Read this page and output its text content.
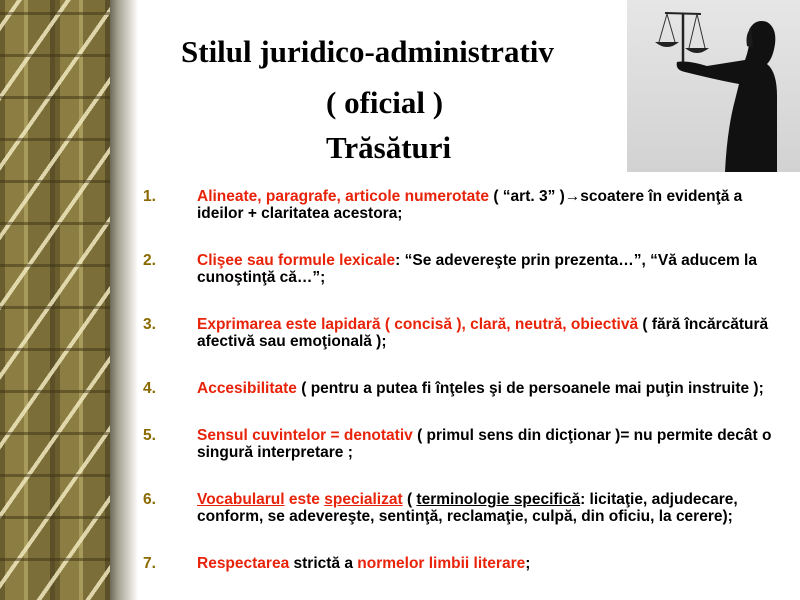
Stilul juridico-administrativ
( oficial )
Trăsături
1.	Alineate, paragrafe, articole numerotate ( “art. 3” )→scoatere în evidenţă a ideilor + claritatea acestora;
2.	Clişee sau formule lexicale: “Se adevereşte prin prezenta…”, “Vă aducem la cunoştinţă că…”;
3.	Exprimarea este lapidară ( concisă ), clară, neutră, obiectivă ( fără încărcătură afectivă sau emoţională );
4.	Accesibilitate ( pentru a putea fi înţeles şi de persoanele mai puţin instruite );
5.	Sensul cuvintelor = denotativ ( primul sens din dicţionar )= nu permite decât o singură interpretare ;
6.	Vocabularul este specializat ( terminologie specifică: licitaţie, adjudecare, conform, se adevereşte, sentinţă, reclamaţie, culpă, din oficiu, la cerere);
7.	Respectarea strictă a normelor limbii literare;
